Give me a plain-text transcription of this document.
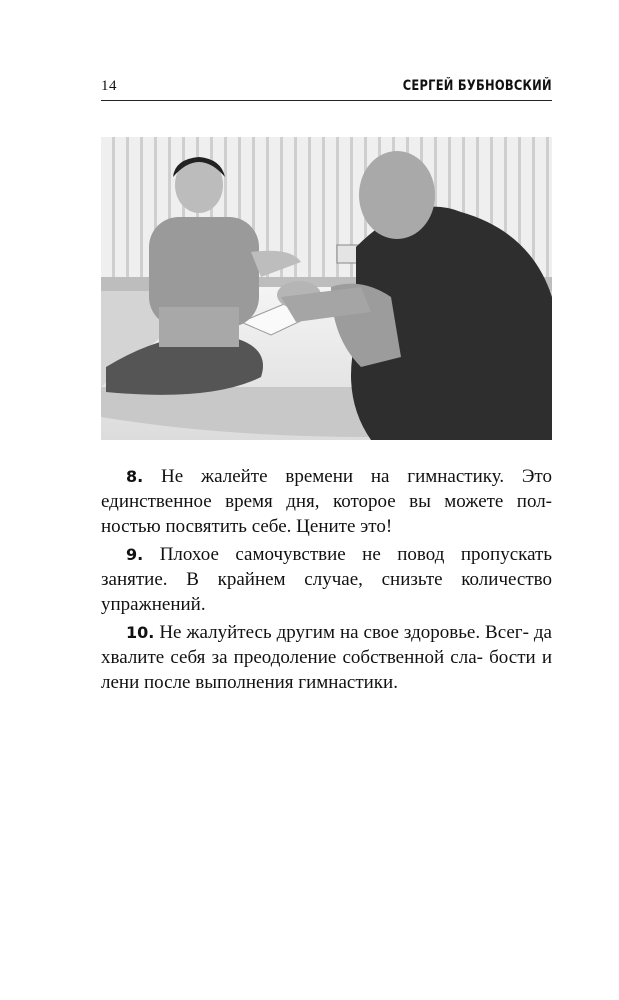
14	СЕРГЕЙ БУБНОВСКИЙ

8. Не жалейте времени на гимнастику. Это единственное время дня, которое вы можете пол- ностью посвятить себе. Цените это!

9. Плохое самочувствие не повод пропускать занятие. В крайнем случае, снизьте количество упражнений.

10. Не жалуйтесь другим на свое здоровье. Всег- да хвалите себя за преодоление собственной сла- бости и лени после выполнения гимнастики.
